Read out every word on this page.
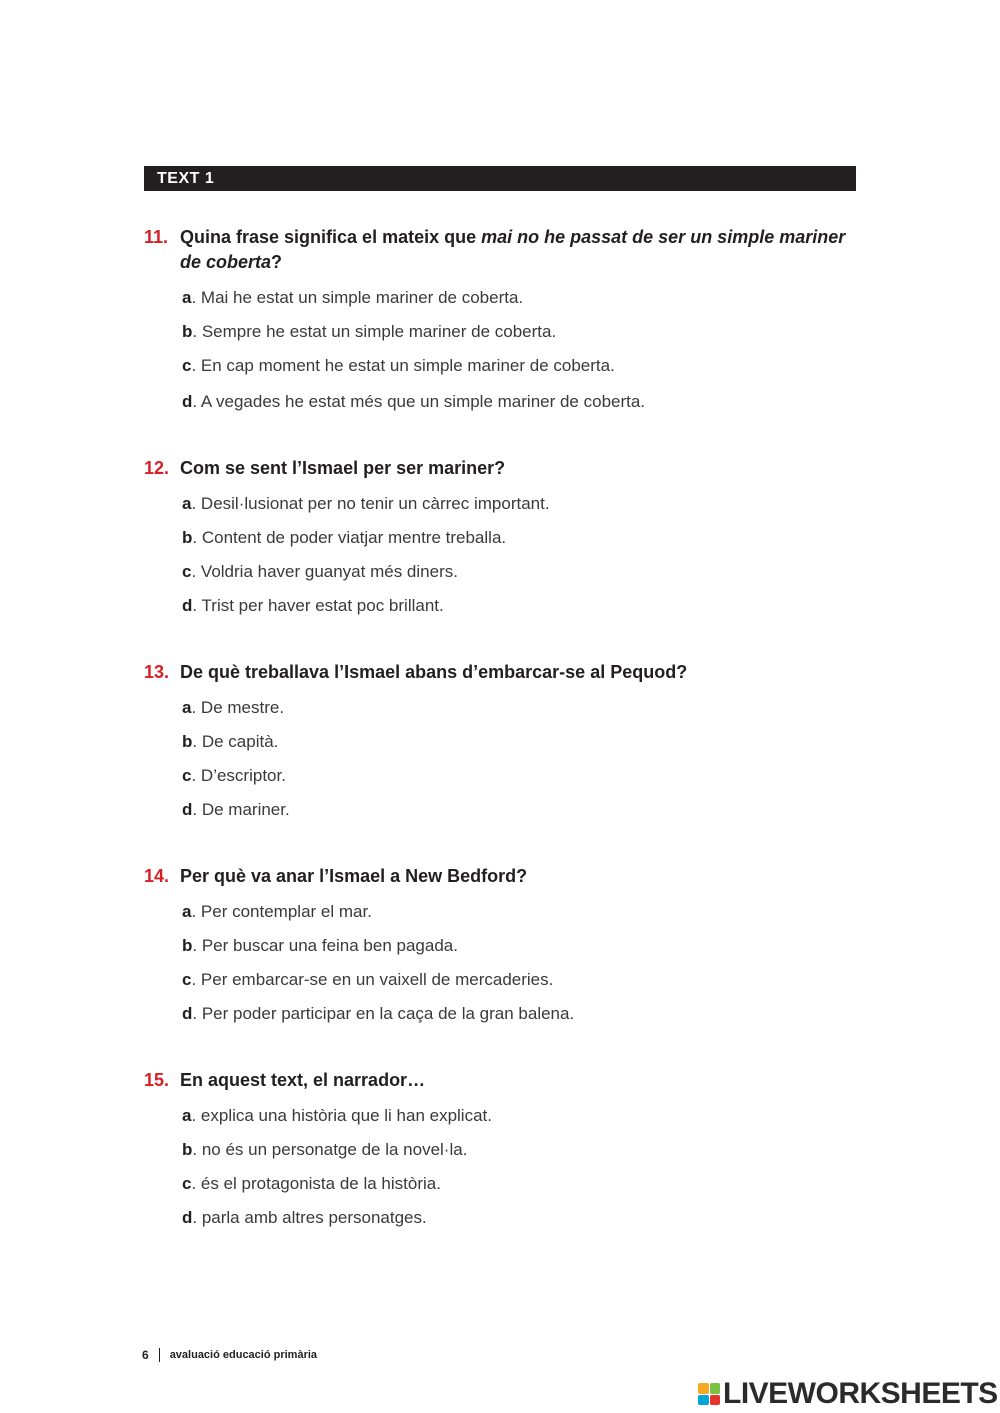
TEXT 1
11. Quina frase significa el mateix que mai no he passat de ser un simple mariner de coberta?
a. Mai he estat un simple mariner de coberta.
b. Sempre he estat un simple mariner de coberta.
c. En cap moment he estat un simple mariner de coberta.
d. A vegades he estat més que un simple mariner de coberta.
12. Com se sent l’Ismael per ser mariner?
a. Desil·lusionat per no tenir un càrrec important.
b. Content de poder viatjar mentre treballa.
c. Voldria haver guanyat més diners.
d. Trist per haver estat poc brillant.
13. De què treballava l’Ismael abans d’embarcar-se al Pequod?
a. De mestre.
b. De capità.
c. D’escriptor.
d. De mariner.
14. Per què va anar l’Ismael a New Bedford?
a. Per contemplar el mar.
b. Per buscar una feina ben pagada.
c. Per embarcar-se en un vaixell de mercaderies.
d. Per poder participar en la caça de la gran balena.
15. En aquest text, el narrador…
a. explica una història que li han explicat.
b. no és un personatge de la novel·la.
c. és el protagonista de la història.
d. parla amb altres personatges.
6 avaluació educació primària
LIVEWORKSHEETS
